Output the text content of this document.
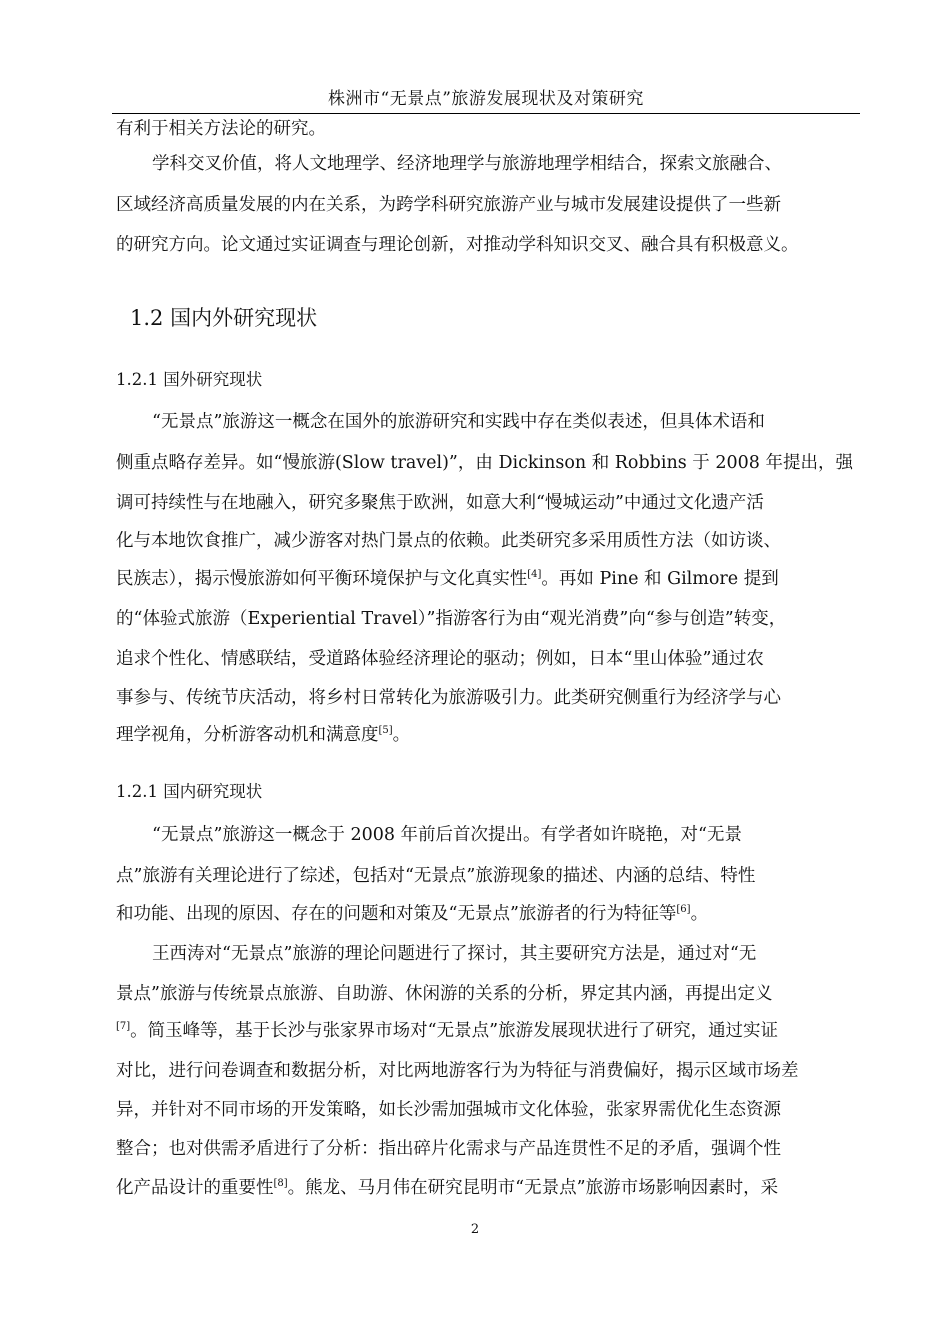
株洲市“无景点”旅游发展现状及对策研究
有利于相关方法论的研究。
学科交叉价值，将人文地理学、经济地理学与旅游地理学相结合，探索文旅融合、
区域经济高质量发展的内在关系，为跨学科研究旅游产业与城市发展建设提供了一些新
的研究方向。论文通过实证调查与理论创新，对推动学科知识交叉、融合具有积极意义。
1.2 国内外研究现状
1.2.1 国外研究现状
“无景点”旅游这一概念在国外的旅游研究和实践中存在类似表述，但具体术语和
侧重点略存差异。如“慢旅游(Slow travel)”，由 Dickinson 和 Robbins 于 2008 年提出，强
调可持续性与在地融入，研究多聚焦于欧洲，如意大利“慢城运动”中通过文化遗产活
化与本地饮食推广，减少游客对热门景点的依赖。此类研究多采用质性方法（如访谈、
民族志），揭示慢旅游如何平衡环境保护与文化真实性[4]。再如 Pine 和 Gilmore 提到
的“体验式旅游（Experiential Travel）”指游客行为由“观光消费”向“参与创造”转变，
追求个性化、情感联结，受道路体验经济理论的驱动；例如，日本“里山体验”通过农
事参与、传统节庆活动，将乡村日常转化为旅游吸引力。此类研究侧重行为经济学与心
理学视角，分析游客动机和满意度[5]。
1.2.1 国内研究现状
“无景点”旅游这一概念于 2008 年前后首次提出。有学者如许晓艳，对“无景
点”旅游有关理论进行了综述，包括对“无景点”旅游现象的描述、内涵的总结、特性
和功能、出现的原因、存在的问题和对策及“无景点”旅游者的行为特征等[6]。
王西涛对“无景点”旅游的理论问题进行了探讨，其主要研究方法是，通过对“无
景点”旅游与传统景点旅游、自助游、休闲游的关系的分析，界定其内涵，再提出定义
[7]。简玉峰等，基于长沙与张家界市场对“无景点”旅游发展现状进行了研究，通过实证
对比，进行问卷调查和数据分析，对比两地游客行为为特征与消费偏好，揭示区域市场差
异，并针对不同市场的开发策略，如长沙需加强城市文化体验，张家界需优化生态资源
整合；也对供需矛盾进行了分析：指出碎片化需求与产品连贯性不足的矛盾，强调个性
化产品设计的重要性[8]。熊龙、马月伟在研究昆明市“无景点”旅游市场影响因素时，采
2
